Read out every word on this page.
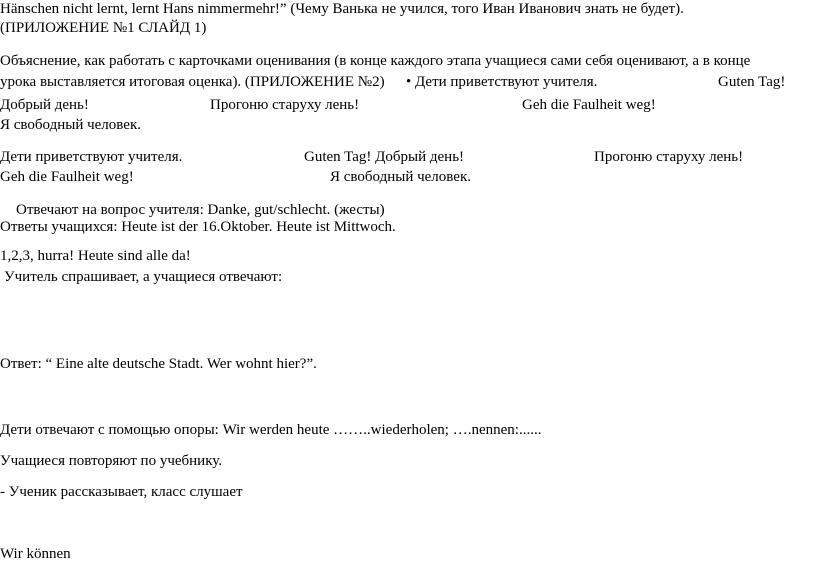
Hänschen nicht lernt, lernt Hans nimmermehr!” (Чему Ванька не учился, того Иван Иванович знать не будет).
(ПРИЛОЖЕНИЕ №1 СЛАЙД 1)
Объяснение, как работать с карточками оценивания (в конце каждого этапа учащиеся сами себя оценивают, а в конце
урока выставляется итоговая оценка). (ПРИЛОЖЕНИЕ №2) • Дети приветствуют учителя.	Guten Tag!
Добрый день!	Прогоню старуху лень!	Geh die Faulheit weg!
Я свободный человек.
Дети приветствуют учителя.	Guten Tag! Добрый день!	Прогоню старуху лень!
Geh die Faulheit weg!	Я свободный человек.
Отвечают на вопрос учителя: Danke, gut/schlecht. (жесты)
Ответы учащихся: Heute ist der 16.Oktober. Heute ist Mittwoch.
1,2,3, hurra! Heute sind alle da!
Учитель спрашивает, а учащиеся отвечают:
Ответ: “ Eine alte deutsche Stadt. Wer wohnt hier?”.
Дети отвечают с помощью опоры: Wir werden heute ……..wiederholen; ….nennen:......
Учащиеся повторяют по учебнику.
- Ученик рассказывает, класс слушает
Wir können
